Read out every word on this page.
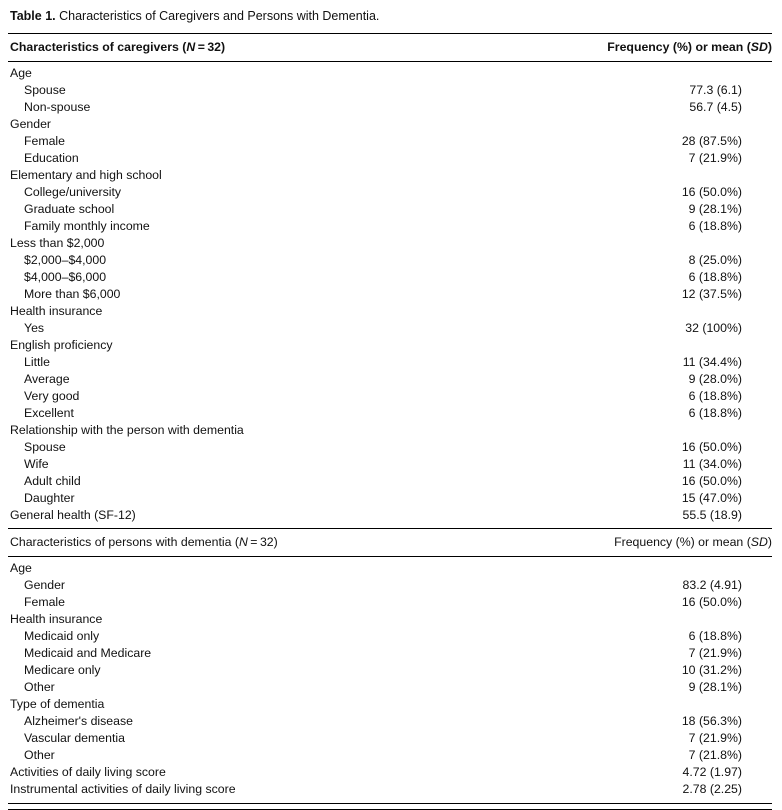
Table 1. Characteristics of Caregivers and Persons with Dementia.
Characteristics of caregivers (N = 32)	Frequency (%) or mean (SD)
Age	
Spouse	77.3 (6.1)
Non-spouse	56.7 (4.5)
Gender	
Female	28 (87.5%)
Education	7 (21.9%)
Elementary and high school	
College/university	16 (50.0%)
Graduate school	9 (28.1%)
Family monthly income	6 (18.8%)
Less than $2,000	
$2,000–$4,000	8 (25.0%)
$4,000–$6,000	6 (18.8%)
More than $6,000	12 (37.5%)
Health insurance	
Yes	32 (100%)
English proficiency	
Little	11 (34.4%)
Average	9 (28.0%)
Very good	6 (18.8%)
Excellent	6 (18.8%)
Relationship with the person with dementia	
Spouse	16 (50.0%)
Wife	11 (34.0%)
Adult child	16 (50.0%)
Daughter	15 (47.0%)
General health (SF-12)	55.5 (18.9)
Characteristics of persons with dementia (N = 32)	Frequency (%) or mean (SD)
Age	
Gender	83.2 (4.91)
Female	16 (50.0%)
Health insurance	
Medicaid only	6 (18.8%)
Medicaid and Medicare	7 (21.9%)
Medicare only	10 (31.2%)
Other	9 (28.1%)
Type of dementia	
Alzheimer's disease	18 (56.3%)
Vascular dementia	7 (21.9%)
Other	7 (21.8%)
Activities of daily living score	4.72 (1.97)
Instrumental activities of daily living score	2.78 (2.25)
